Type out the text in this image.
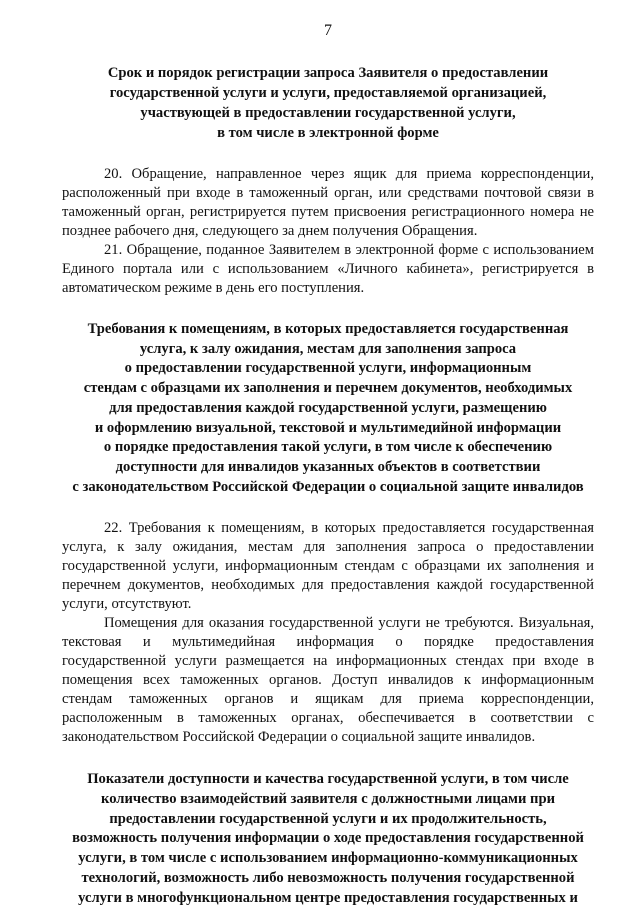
7
Срок и порядок регистрации запроса Заявителя о предоставлении
государственной услуги и услуги, предоставляемой организацией,
участвующей в предоставлении государственной услуги,
в том числе в электронной форме

20. Обращение, направленное через ящик для приема корреспонденции, расположенный при входе в таможенный орган, или средствами почтовой связи в таможенный орган, регистрируется путем присвоения регистрационного номера не позднее рабочего дня, следующего за днем получения Обращения.

21. Обращение, поданное Заявителем в электронной форме с использованием Единого портала или с использованием «Личного кабинета», регистрируется в автоматическом режиме в день его поступления.

Требования к помещениям, в которых предоставляется государственная
услуга, к залу ожидания, местам для заполнения запроса
о предоставлении государственной услуги, информационным
стендам с образцами их заполнения и перечнем документов, необходимых
для предоставления каждой государственной услуги, размещению
и оформлению визуальной, текстовой и мультимедийной информации
о порядке предоставления такой услуги, в том числе к обеспечению
доступности для инвалидов указанных объектов в соответствии
с законодательством Российской Федерации о социальной защите инвалидов

22. Требования к помещениям, в которых предоставляется государственная услуга, к залу ожидания, местам для заполнения запроса о предоставлении государственной услуги, информационным стендам с образцами их заполнения и перечнем документов, необходимых для предоставления каждой государственной услуги, отсутствуют.

Помещения для оказания государственной услуги не требуются. Визуальная, текстовая и мультимедийная информация о порядке предоставления государственной услуги размещается на информационных стендах при входе в помещения всех таможенных органов. Доступ инвалидов к информационным стендам таможенных органов и ящикам для приема корреспонденции, расположенным в таможенных органах, обеспечивается в соответствии с законодательством Российской Федерации о социальной защите инвалидов.

Показатели доступности и качества государственной услуги, в том числе
количество взаимодействий заявителя с должностными лицами при
предоставлении государственной услуги и их продолжительность,
возможность получения информации о ходе предоставления государственной
услуги, в том числе с использованием информационно-коммуникационных
технологий, возможность либо невозможность получения государственной
услуги в многофункциональном центре предоставления государственных и
